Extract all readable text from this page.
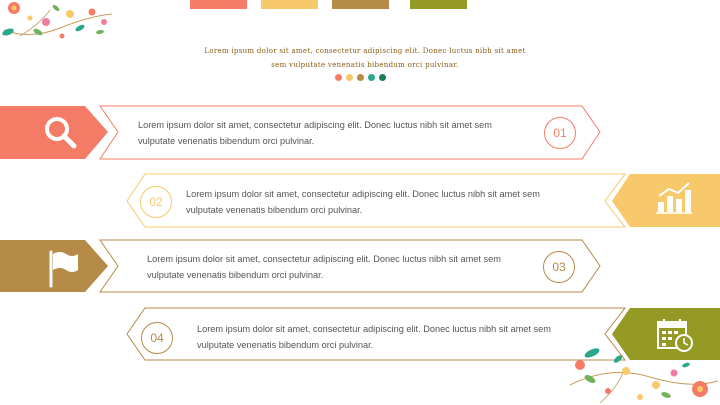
Lorem ipsum dolor sit amet, consectetur adipiscing elit. Donec luctus nibh sit amet sem vulputate venenatis bibendum orci pulvinar.

Lorem ipsum dolor sit amet, consectetur adipiscing elit. Donec luctus nibh sit amet sem vulputate venenatis bibendum orci pulvinar.

01
02

Lorem ipsum dolor sit amet, consectetur adipiscing elit. Donec luctus nibh sit amet sem vulputate venenatis bibendum orci pulvinar.

Lorem ipsum dolor sit amet, consectetur adipiscing elit. Donec luctus nibh sit amet sem vulputate venenatis bibendum orci pulvinar.

03
04

Lorem ipsum dolor sit amet, consectetur adipiscing elit. Donec luctus nibh sit amet sem vulputate venenatis bibendum orci pulvinar.
